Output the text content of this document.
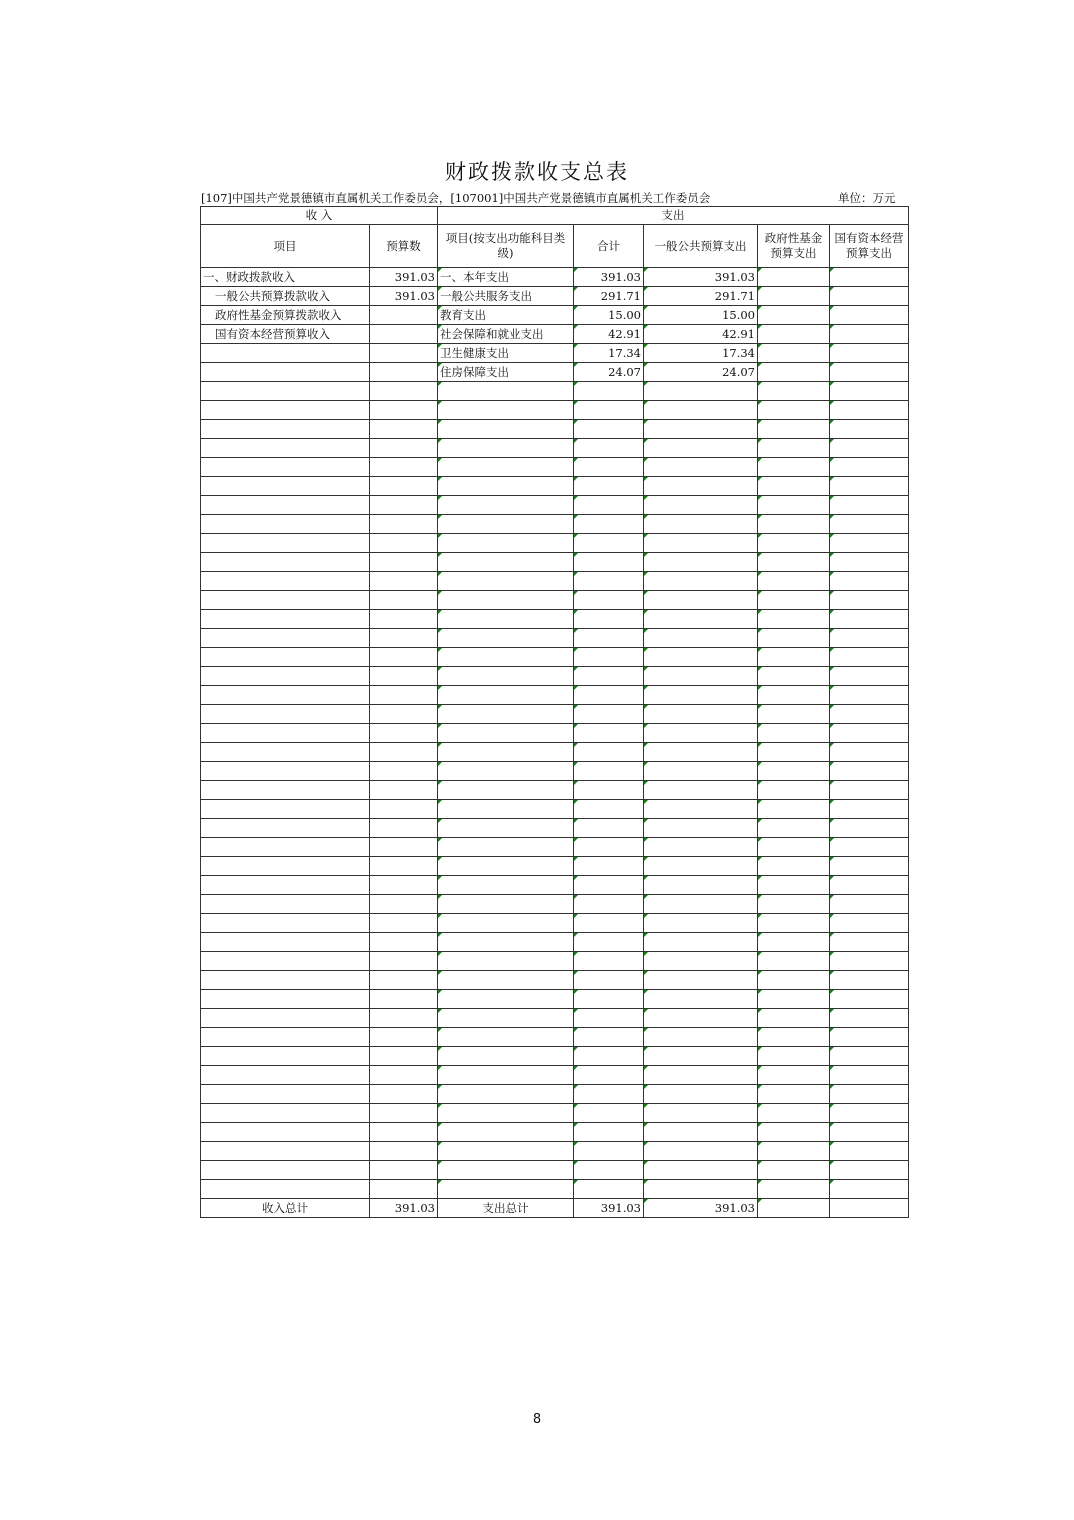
财政拨款收支总表
[107]中国共产党景德镇市直属机关工作委员会，[107001]中国共产党景德镇市直属机关工作委员会	单位：万元
收 入		支出				
项目	预算数	项目(按支出功能科目类级)	合计	一般公共预算支出	政府性基金预算支出	国有资本经营预算支出
一、财政拨款收入	391.03	一、本年支出	391.03	391.03		
一般公共预算拨款收入	391.03	一般公共服务支出	291.71	291.71		
政府性基金预算拨款收入		教育支出	15.00	15.00		
国有资本经营预算收入		社会保障和就业支出	42.91	42.91		
		卫生健康支出	17.34	17.34		
		住房保障支出	24.07	24.07		

收入总计	391.03	支出总计	391.03	391.03		
8
